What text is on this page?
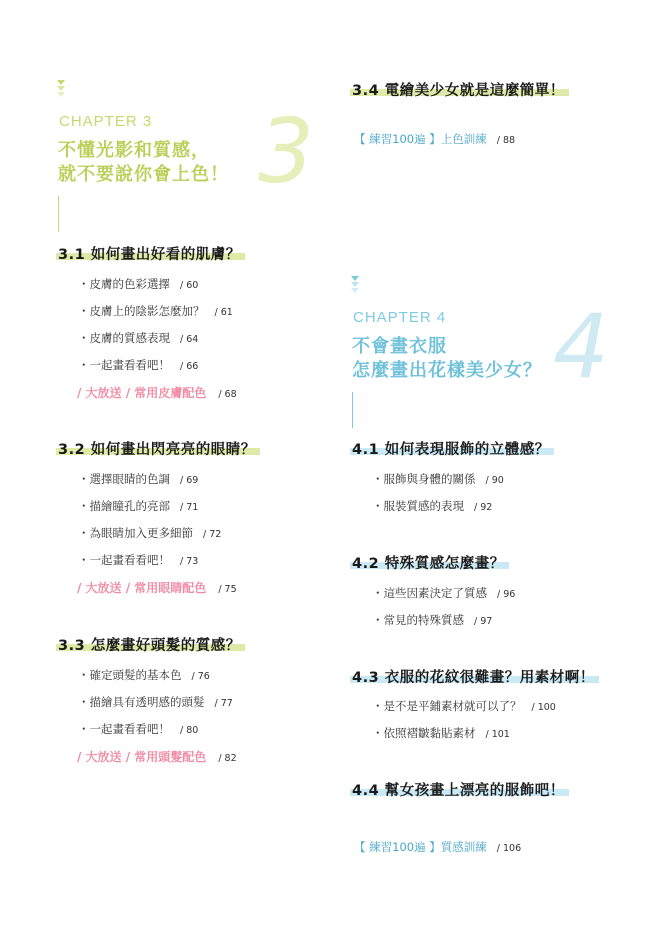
CHAPTER 3
不懂光影和質感，
就不要說你會上色！ 3
3.1 如何畫出好看的肌膚？
・皮膚的色彩選擇 / 60
・皮膚上的陰影怎麼加？ / 61
・皮膚的質感表現 / 64
・一起畫看看吧！ / 66
/ 大放送 / 常用皮膚配色 / 68
3.2 如何畫出閃亮亮的眼睛？
・選擇眼睛的色調 / 69
・描繪瞳孔的亮部 / 71
・為眼睛加入更多細節 / 72
・一起畫看看吧！ / 73
/ 大放送 / 常用眼睛配色 / 75
3.3 怎麼畫好頭髮的質感？
・確定頭髮的基本色 / 76
・描繪具有透明感的頭髮 / 77
・一起畫看看吧！ / 80
/ 大放送 / 常用頭髮配色 / 82
3.4 電繪美少女就是這麼簡單！
【 練習100遍 】上色訓練 / 88
CHAPTER 4
不會畫衣服
怎麼畫出花樣美少女？ 4
4.1 如何表現服飾的立體感？
・服飾與身體的關係 / 90
・服裝質感的表現 / 92
4.2 特殊質感怎麼畫？
・這些因素決定了質感 / 96
・常見的特殊質感 / 97
4.3 衣服的花紋很難畫？用素材啊！
・是不是平鋪素材就可以了？ / 100
・依照褶皺黏貼素材 / 101
4.4 幫女孩畫上漂亮的服飾吧！
【 練習100遍 】質感訓練 / 106
